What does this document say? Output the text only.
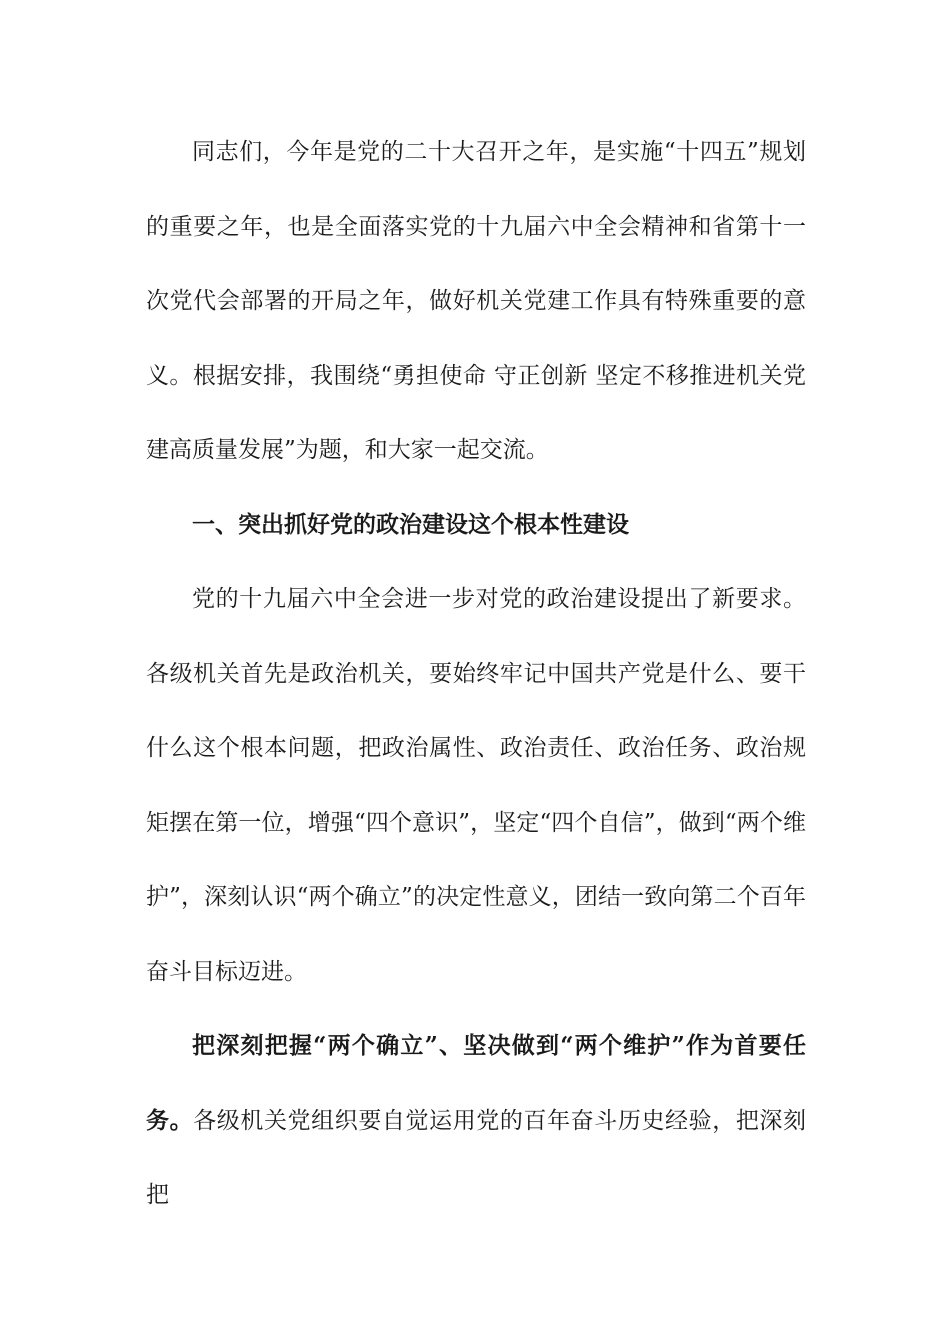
同志们，今年是党的二十大召开之年，是实施“十四五”规划的重要之年，也是全面落实党的十九届六中全会精神和省第十一次党代会部署的开局之年，做好机关党建工作具有特殊重要的意义。根据安排，我围绕“勇担使命 守正创新 坚定不移推进机关党建高质量发展”为题，和大家一起交流。

一、突出抓好党的政治建设这个根本性建设

党的十九届六中全会进一步对党的政治建设提出了新要求。各级机关首先是政治机关，要始终牢记中国共产党是什么、要干什么这个根本问题，把政治属性、政治责任、政治任务、政治规矩摆在第一位，增强“四个意识”，坚定“四个自信”，做到“两个维护”，深刻认识“两个确立”的决定性意义，团结一致向第二个百年奋斗目标迈进。

把深刻把握“两个确立”、坚决做到“两个维护”作为首要任务。各级机关党组织要自觉运用党的百年奋斗历史经验，把深刻把
